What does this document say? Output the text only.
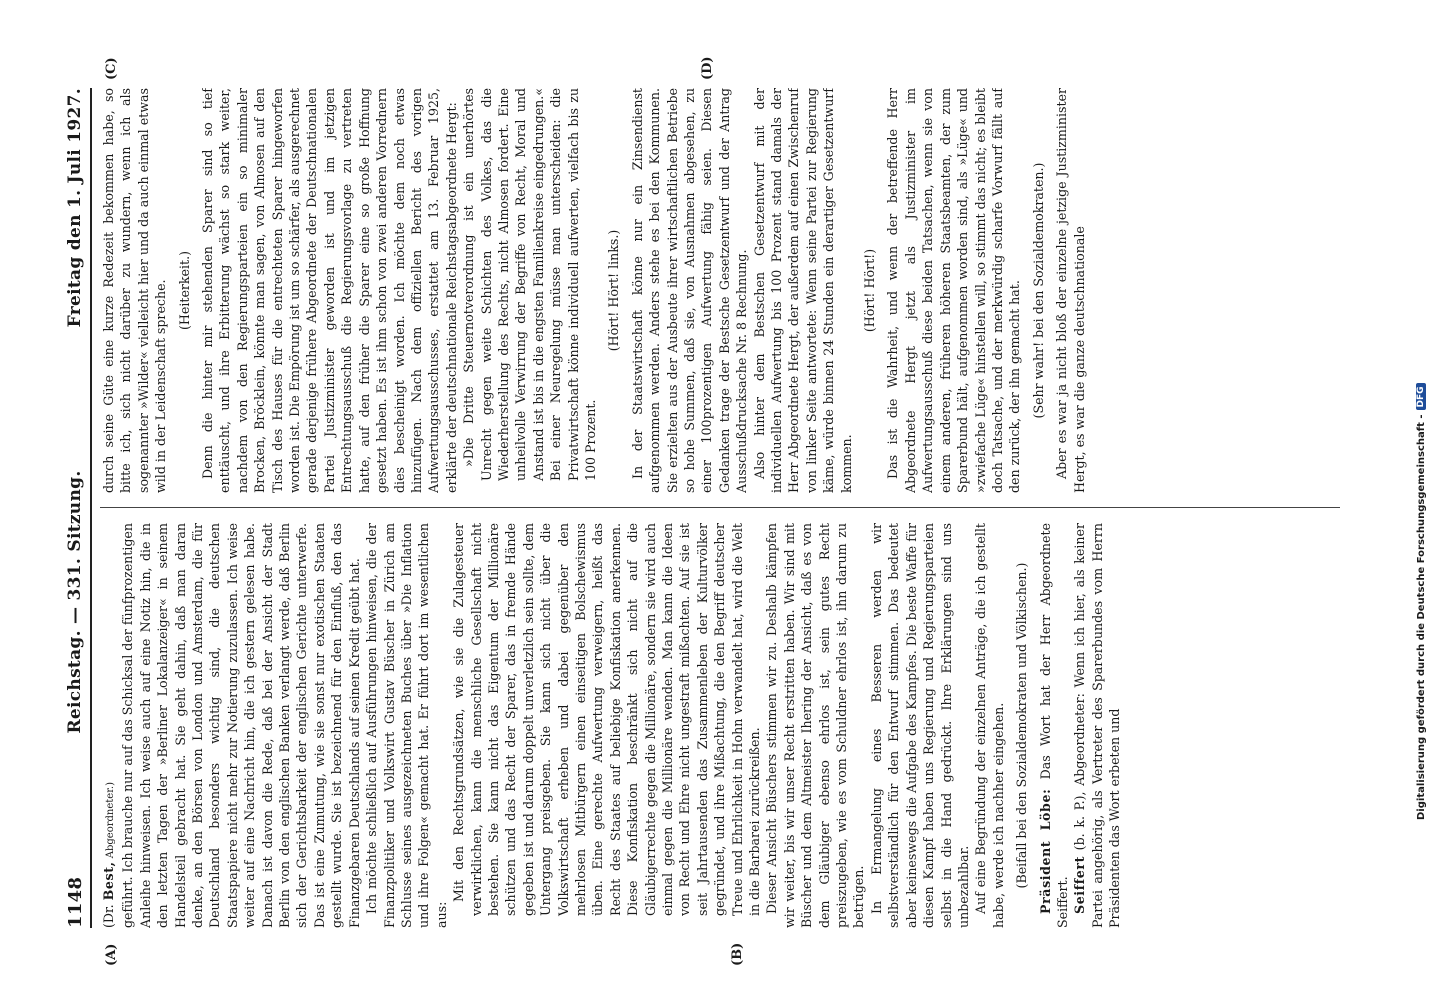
1148
Reichstag. — 331. Sitzung.
Freitag den 1. Juli 1927.
(A)	(B)
(C)	(D)

(Dr. Best, Abgeordneter.) geführt. Ich brauche nur auf das Schicksal der fünfprozentigen Anleihe hinweisen. Ich weise auch auf eine Notiz hin, die in den letzten Tagen der »Berliner Lokalanzeiger« in seinem Handelsteil gebracht hat. Sie geht dahin, daß man daran denke, an den Börsen von London und Amsterdam, die für Deutschland besonders wichtig sind, die deutschen Staatspapiere nicht mehr zur Notierung zuzulassen. Ich weise weiter auf eine Nachricht hin, die ich gestern gelesen habe. Danach ist davon die Rede, daß bei der Ansicht der Stadt Berlin von den englischen Banken verlangt werde, daß Berlin sich der Gerichtsbarkeit der englischen Gerichte unterwerfe. Das ist eine Zumutung, wie sie sonst nur exotischen Staaten gestellt wurde. Sie ist bezeichnend für den Einfluß, den das Finanzgebaren Deutschlands auf seinen Kredit geübt hat. Ich möchte schließlich auf Ausführungen hinweisen, die der Finanzpolitiker und Volkswirt Gustav Büscher in Zürich am Schlusse seines ausgezeichneten Buches über »Die Inflation und ihre Folgen« gemacht hat. Er führt dort im wesentlichen aus:

Mit den Rechtsgrundsätzen, wie sie die Zulagesteuer verwirklichen, kann die menschliche Gesellschaft nicht bestehen. Sie kann nicht das Eigentum der Millionäre schützen und das Recht der Sparer, das in fremde Hände gegeben ist und darum doppelt unverletzlich sein sollte, dem Untergang preisgeben. Sie kann sich nicht über die Volkswirtschaft erheben und dabei gegenüber den mehrlosen Mitbürgern einen einseitigen Bolschewismus üben. Eine gerechte Aufwertung verweigern, heißt das Recht des Staates auf beliebige Konfiskation anerkennen. Diese Konfiskation beschränkt sich nicht auf die Gläubigerrechte gegen die Millionäre, sondern sie wird auch einmal gegen die Millionäre wenden. Man kann die Ideen von Recht und Ehre nicht ungestraft mißachten. Auf sie ist seit Jahrtausenden das Zusammenleben der Kulturvölker gegründet, und ihre Mißachtung, die den Begriff deutscher Treue und Ehrlichkeit in Hohn verwandelt hat, wird die Welt in die Barbarei zurückreißen. Dieser Ansicht Büschers stimmen wir zu. Deshalb kämpfen wir weiter, bis wir unser Recht erstritten haben. Wir sind mit Büscher und dem Altmeister Ihering der Ansicht, daß es von dem Gläubiger ebenso ehrlos ist, sein gutes Recht preiszugeben, wie es vom Schuldner ehrlos ist, ihn darum zu betrügen. In Ermangelung eines Besseren werden wir selbstverständlich für den Entwurf stimmen. Das bedeutet aber keineswegs die Aufgabe des Kampfes. Die beste Waffe für diesen Kampf haben uns Regierung und Regierungsparteien selbst in die Hand gedrückt. Ihre Erklärungen sind uns unbezahlbar. Auf eine Begründung der einzelnen Anträge, die ich gestellt habe, werde ich nachher eingehen. (Beifall bei den Sozialdemokraten und Völkischen.) Präsident Löbe: Das Wort hat der Herr Abgeordnete Seiffert. Seiffert (b. k. P.), Abgeordneter: Wenn ich hier, als keiner Partei angehörig, als Vertreter des Sparerbundes vom Herrn Präsidenten das Wort erbeten und

durch seine Güte eine kurze Redezeit bekommen habe, so bitte ich, sich nicht darüber zu wundern, wenn ich als sogenannter »Wilder« vielleicht hier und da auch einmal etwas wild in der Leidenschaft spreche. (Heiterkeit.) Denn die hinter mir stehenden Sparer sind so tief enttäuscht, und ihre Erbitterung wächst so stark weiter, nachdem von den Regierungsparteien ein so minimaler Brocken, Bröcklein, könnte man sagen, von Almosen auf den Tisch des Hauses für die entrechteten Sparer hingeworfen worden ist. Die Empörung ist um so schärfer, als ausgerechnet gerade derjenige frühere Abgeordnete der Deutschnationalen Partei Justizminister geworden ist und im jetzigen Entrechtungsausschuß die Regierungsvorlage zu vertreten hatte, auf den früher die Sparer eine so große Hoffnung gesetzt haben. Es ist ihm schon von zwei anderen Vorrednern dies bescheinigt worden. Ich möchte dem noch etwas hinzufügen. Nach dem offiziellen Bericht des vorigen Aufwertungsausschusses, erstattet am 13. Februar 1925, erklärte der deutschnationale Reichstagsabgeordnete Hergt: »Die Dritte Steuernotverordnung ist ein unerhörtes Unrecht gegen weite Schichten des Volkes, das die Wiederherstellung des Rechts, nicht Almosen fordert. Eine unheilvolle Verwirrung der Begriffe von Recht, Moral und Anstand ist bis in die engsten Familienkreise eingedrungen.« Bei einer Neuregelung müsse man unterscheiden: die Privatwirtschaft könne individuell aufwerten, vielfach bis zu 100 Prozent.

(Hört! Hört! links.) In der Staatswirtschaft könne nur ein Zinsendienst aufgenommen werden. Anders stehe es bei den Kommunen. Sie erzielten aus der Ausbeute ihrer wirtschaftlichen Betriebe so hohe Summen, daß sie, von Ausnahmen abgesehen, zu einer 100prozentigen Aufwertung fähig seien. Diesen Gedanken trage der Bestsche Gesetzentwurf und der Antrag Ausschußdrucksache Nr. 8 Rechnung. Also hinter dem Bestschen Gesetzentwurf mit der individuellen Aufwertung bis 100 Prozent stand damals der Herr Abgeordnete Hergt, der außerdem auf einen Zwischenruf von linker Seite antwortete: Wenn seine Partei zur Regierung käme, würde binnen 24 Stunden ein derartiger Gesetzentwurf kommen.

(Hört! Hört!) Das ist die Wahrheit, und wenn der betreffende Herr Abgeordnete Hergt jetzt als Justizminister im Aufwertungsausschuß diese beiden Tatsachen, wenn sie von einem anderen, früheren höheren Staatsbeamten, der zum Sparerbund hält, aufgenommen worden sind, als »Lüge« und »zwiefache Lüge« hinstellen will, so stimmt das nicht; es bleibt doch Tatsache, und der merkwürdig scharfe Vorwurf fällt auf den zurück, der ihn gemacht hat. (Sehr wahr! bei den Sozialdemokraten.) Aber es war ja nicht bloß der einzelne jetzige Justizminister Hergt, es war die ganze deutschnationale

Digitalisierung gefördert durch die Deutsche Forschungsgemeinschaft -
DFG
